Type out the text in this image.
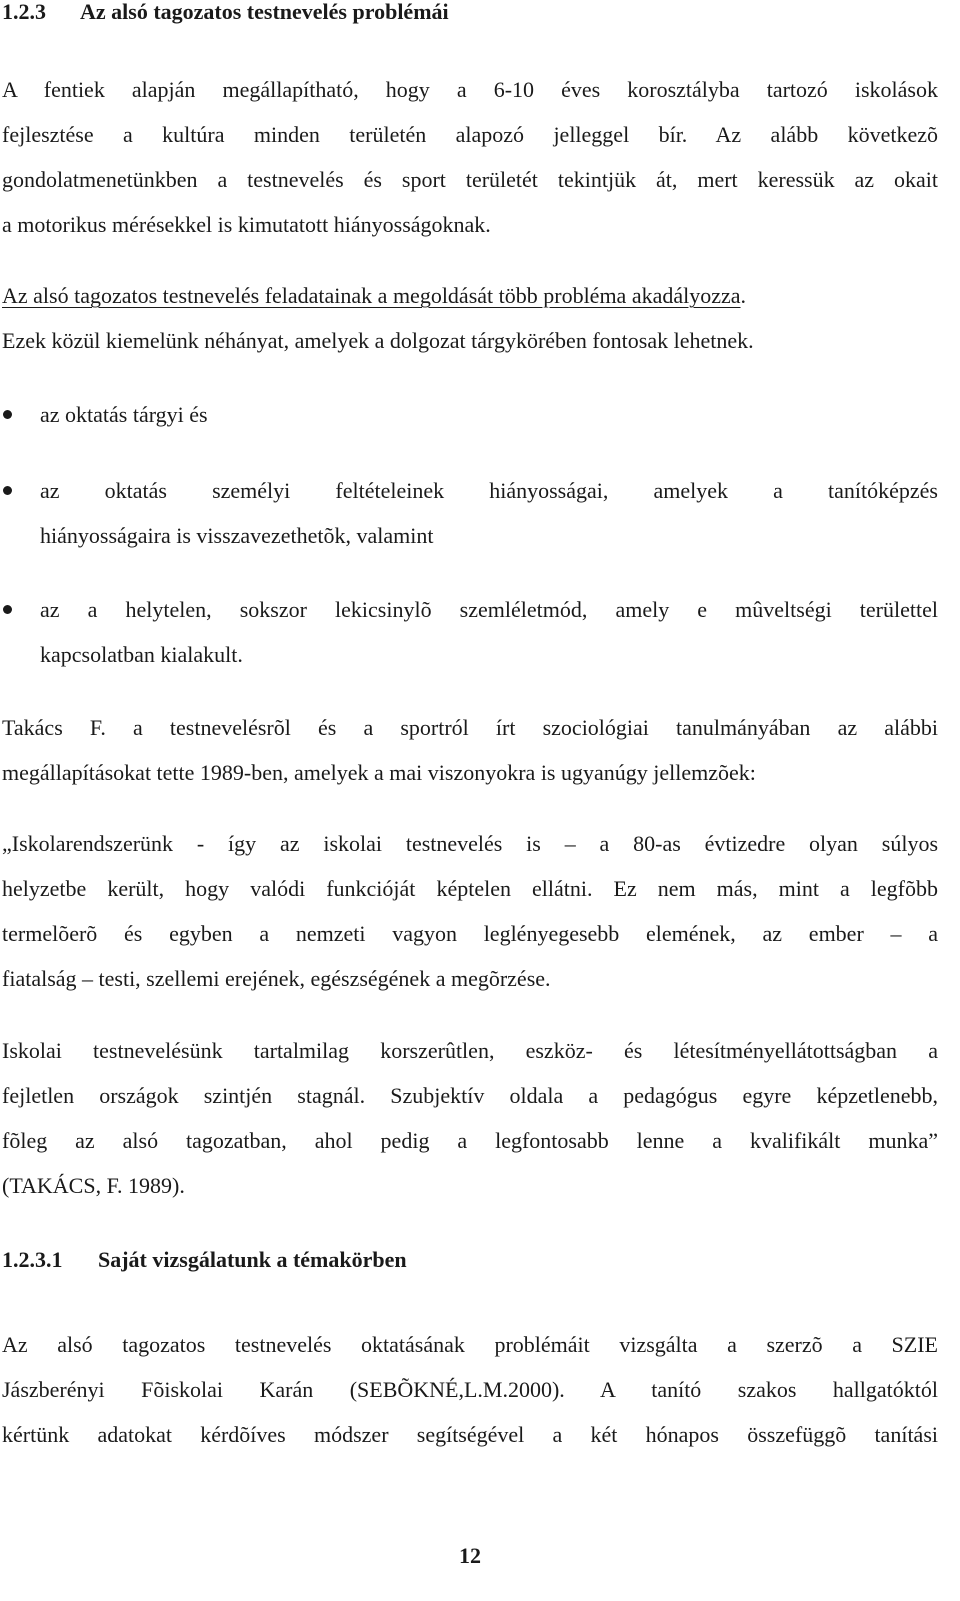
1.2.3 Az alsó tagozatos testnevelés problémái
A fentiek alapján megállapítható, hogy a 6-10 éves korosztályba tartozó iskolások
fejlesztése a kultúra minden területén alapozó jelleggel bír. Az alább következõ
gondolatmenetünkben a testnevelés és sport területét tekintjük át, mert keressük az okait
a motorikus mérésekkel is kimutatott hiányosságoknak.
Az alsó tagozatos testnevelés feladatainak a megoldását több probléma akadályozza.
Ezek közül kiemelünk néhányat, amelyek a dolgozat tárgykörében fontosak lehetnek.
az oktatás tárgyi és
az oktatás személyi feltételeinek hiányosságai, amelyek a tanítóképzés
hiányosságaira is visszavezethetõk, valamint
az a helytelen, sokszor lekicsinylõ szemléletmód, amely e mûveltségi területtel
kapcsolatban kialakult.
Takács F. a testnevelésrõl és a sportról írt szociológiai tanulmányában az alábbi
megállapításokat tette 1989-ben, amelyek a mai viszonyokra is ugyanúgy jellemzõek:
„Iskolarendszerünk - így az iskolai testnevelés is – a 80-as évtizedre olyan súlyos
helyzetbe került, hogy valódi funkcióját képtelen ellátni. Ez nem más, mint a legfõbb
termelõerõ és egyben a nemzeti vagyon leglényegesebb elemének, az ember – a
fiatalság – testi, szellemi erejének, egészségének a megõrzése.
Iskolai testnevelésünk tartalmilag korszerûtlen, eszköz- és létesítményellátottságban a
fejletlen országok szintjén stagnál. Szubjektív oldala a pedagógus egyre képzetlenebb,
fõleg az alsó tagozatban, ahol pedig a legfontosabb lenne a kvalifikált munka”
(TAKÁCS, F. 1989).
1.2.3.1 Saját vizsgálatunk a témakörben
Az alsó tagozatos testnevelés oktatásának problémáit vizsgálta a szerzõ a SZIE
Jászberényi Fõiskolai Karán (SEBÕKNÉ,L.M.2000). A tanító szakos hallgatóktól
kértünk adatokat kérdõíves módszer segítségével a két hónapos összefüggõ tanítási
12
